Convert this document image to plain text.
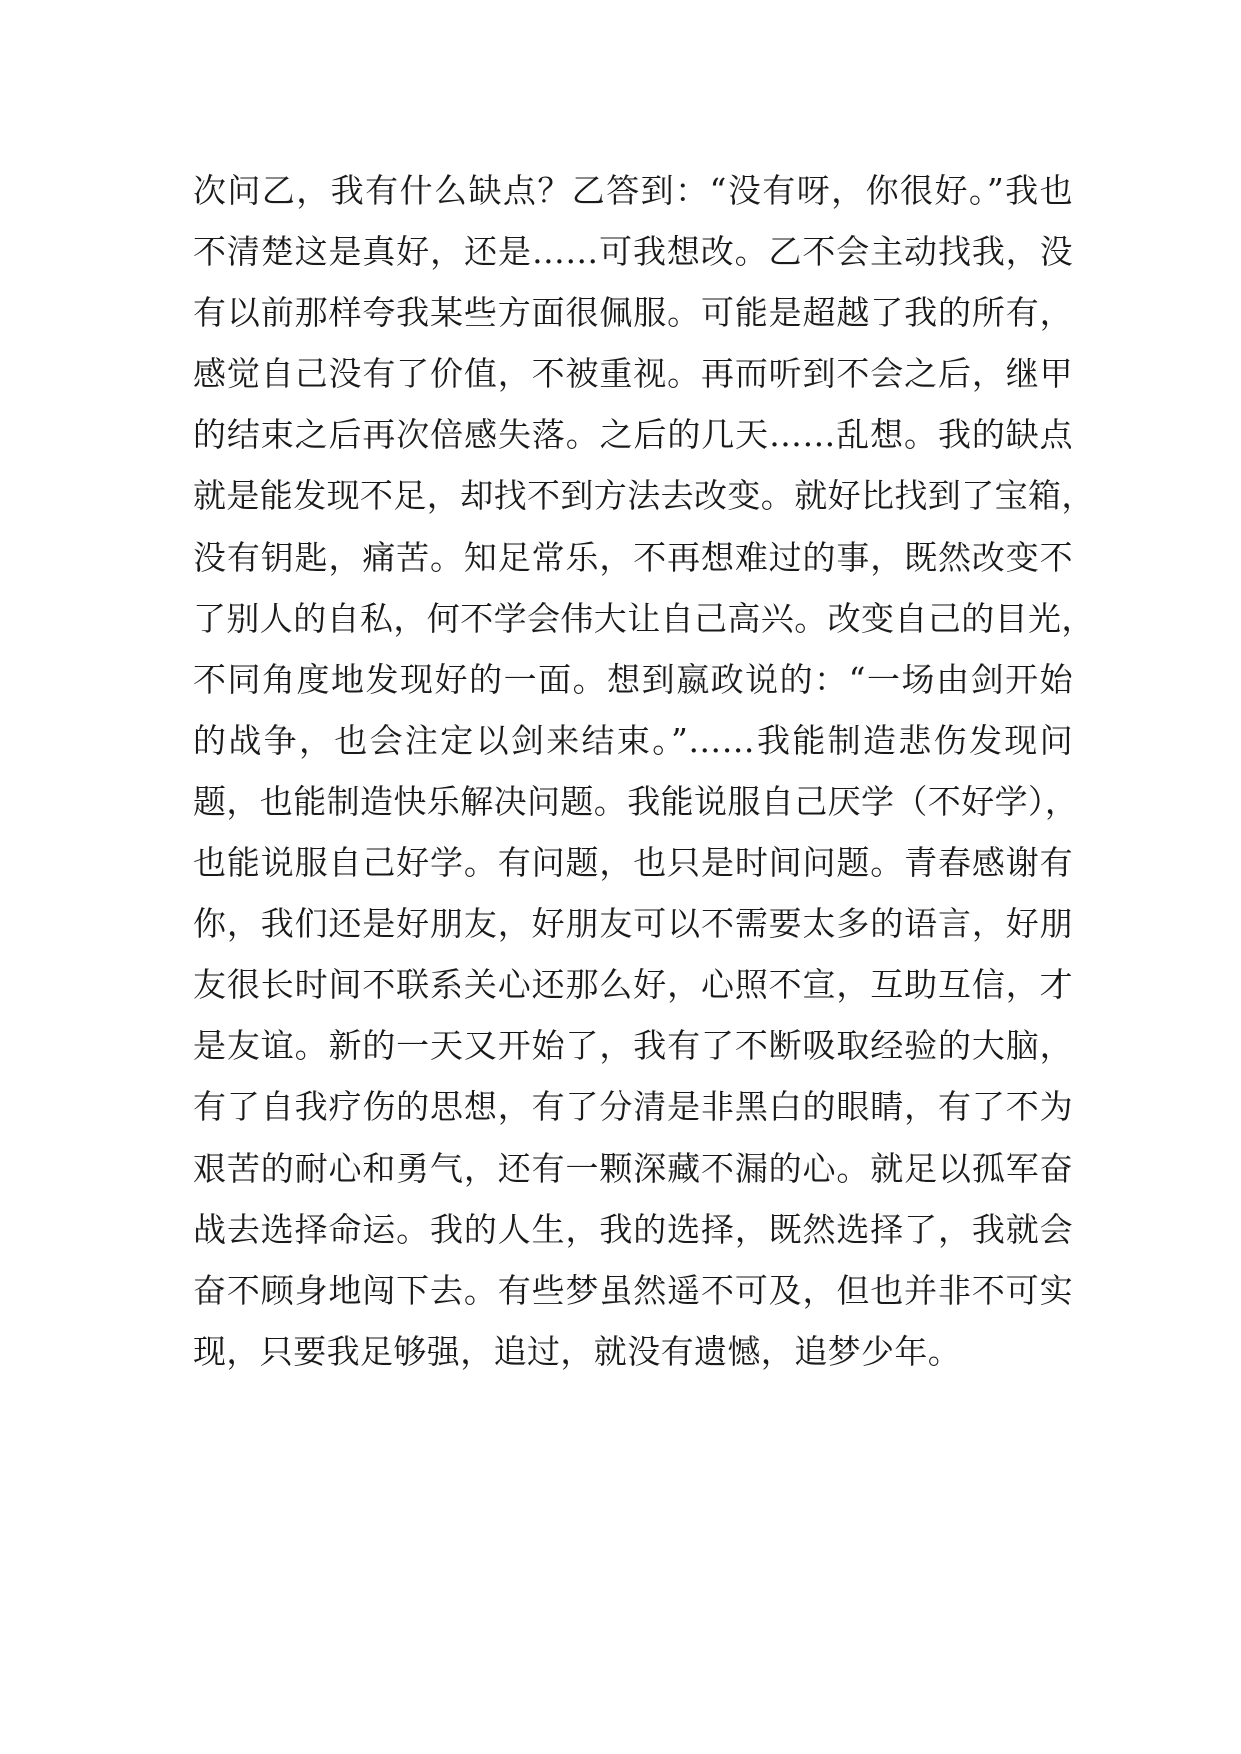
次问乙，我有什么缺点？乙答到：“没有呀，你很好。”我也
不清楚这是真好，还是……可我想改。乙不会主动找我，没
有以前那样夸我某些方面很佩服。可能是超越了我的所有，
感觉自己没有了价值，不被重视。再而听到不会之后，继甲
的结束之后再次倍感失落。之后的几天……乱想。我的缺点
就是能发现不足，却找不到方法去改变。就好比找到了宝箱，
没有钥匙，痛苦。知足常乐，不再想难过的事，既然改变不
了别人的自私，何不学会伟大让自己高兴。改变自己的目光，
不同角度地发现好的一面。想到嬴政说的：“一场由剑开始
的战争，也会注定以剑来结束。”……我能制造悲伤发现问
题，也能制造快乐解决问题。我能说服自己厌学（不好学），
也能说服自己好学。有问题，也只是时间问题。青春感谢有
你，我们还是好朋友，好朋友可以不需要太多的语言，好朋
友很长时间不联系关心还那么好，心照不宣，互助互信，才
是友谊。新的一天又开始了，我有了不断吸取经验的大脑，
有了自我疗伤的思想，有了分清是非黑白的眼睛，有了不为
艰苦的耐心和勇气，还有一颗深藏不漏的心。就足以孤军奋
战去选择命运。我的人生，我的选择，既然选择了，我就会
奋不顾身地闯下去。有些梦虽然遥不可及，但也并非不可实
现，只要我足够强，追过，就没有遗憾，追梦少年。
